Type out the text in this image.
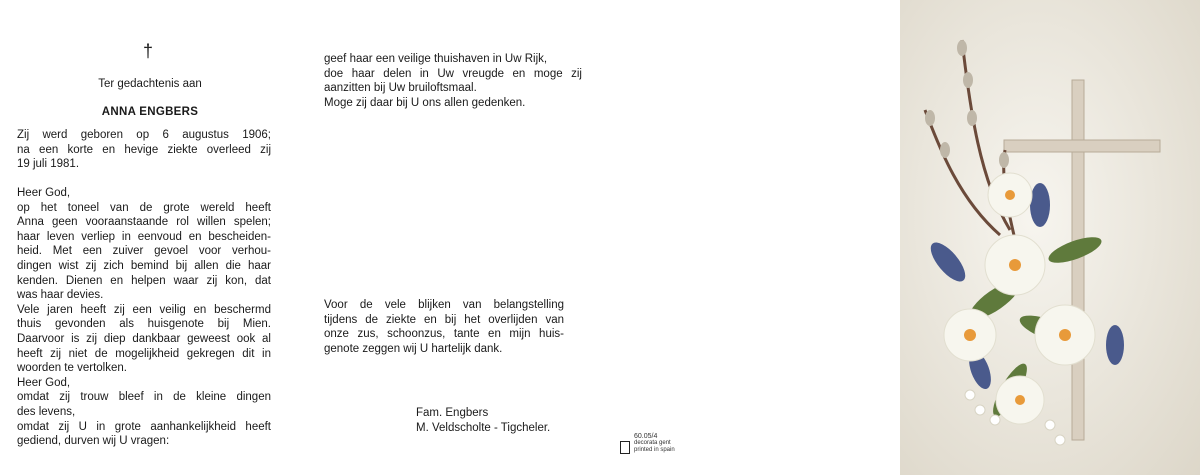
†
Ter gedachtenis aan
ANNA ENGBERS
Zij werd geboren op 6 augustus 1906;
na een korte en hevige ziekte overleed zij
19 juli 1981.
Heer God,
op het toneel van de grote wereld heeft
Anna geen vooraanstaande rol willen spelen;
haar leven verliep in eenvoud en bescheiden-
heid. Met een zuiver gevoel voor verhou-
dingen wist zij zich bemind bij allen die haar
kenden. Dienen en helpen waar zij kon, dat
was haar devies.
Vele jaren heeft zij een veilig en beschermd
thuis gevonden als huisgenote bij Mien.
Daarvoor is zij diep dankbaar geweest ook al
heeft zij niet de mogelijkheid gekregen dit in
woorden te vertolken.
Heer God,
omdat zij trouw bleef in de kleine dingen
des levens,
omdat zij U in grote aanhankelijkheid heeft
gediend, durven wij U vragen:
geef haar een veilige thuishaven in Uw Rijk,
doe haar delen in Uw vreugde en moge zij
aanzitten bij Uw bruiloftsmaal.
Moge zij daar bij U ons allen gedenken.
Voor de vele blijken van belangstelling
tijdens de ziekte en bij het overlijden van
onze zus, schoonzus, tante en mijn huis-
genote zeggen wij U hartelijk dank.
Fam. Engbers
M. Veldscholte - Tigcheler.
60.05/4
decorata gent
printed in spain
